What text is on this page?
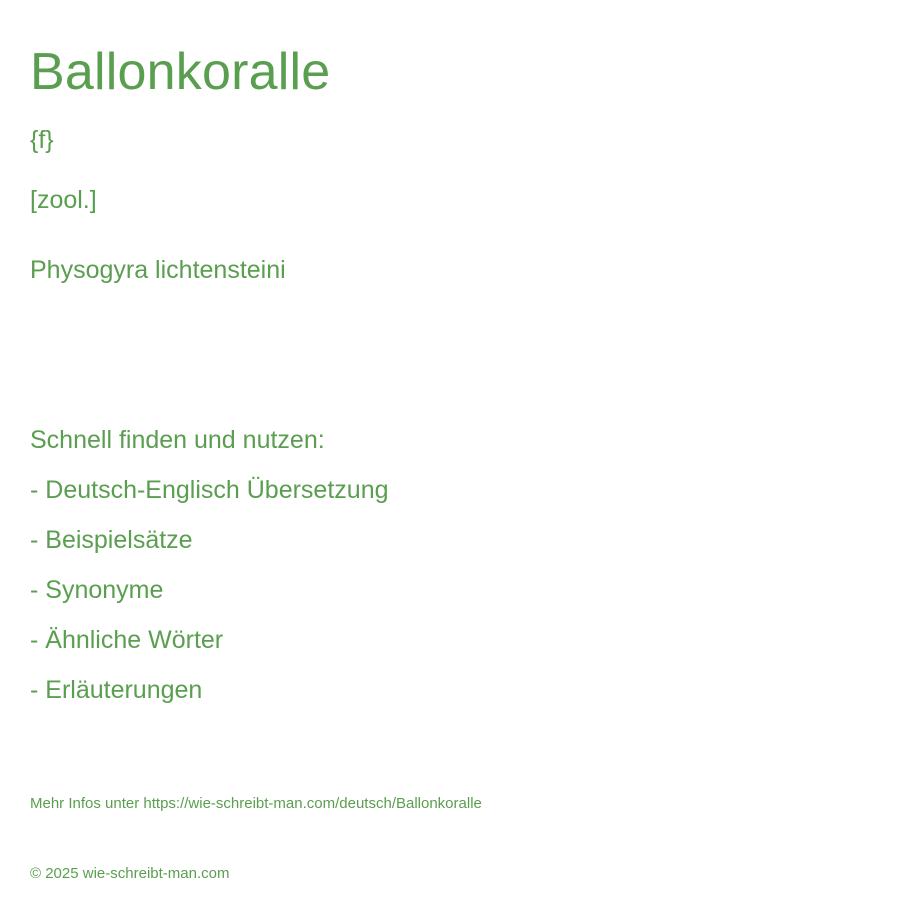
Ballonkoralle
{f}
[zool.]
Physogyra lichtensteini
Schnell finden und nutzen:
- Deutsch-Englisch Übersetzung
- Beispielsätze
- Synonyme
- Ähnliche Wörter
- Erläuterungen
Mehr Infos unter https://wie-schreibt-man.com/deutsch/Ballonkoralle
© 2025 wie-schreibt-man.com
